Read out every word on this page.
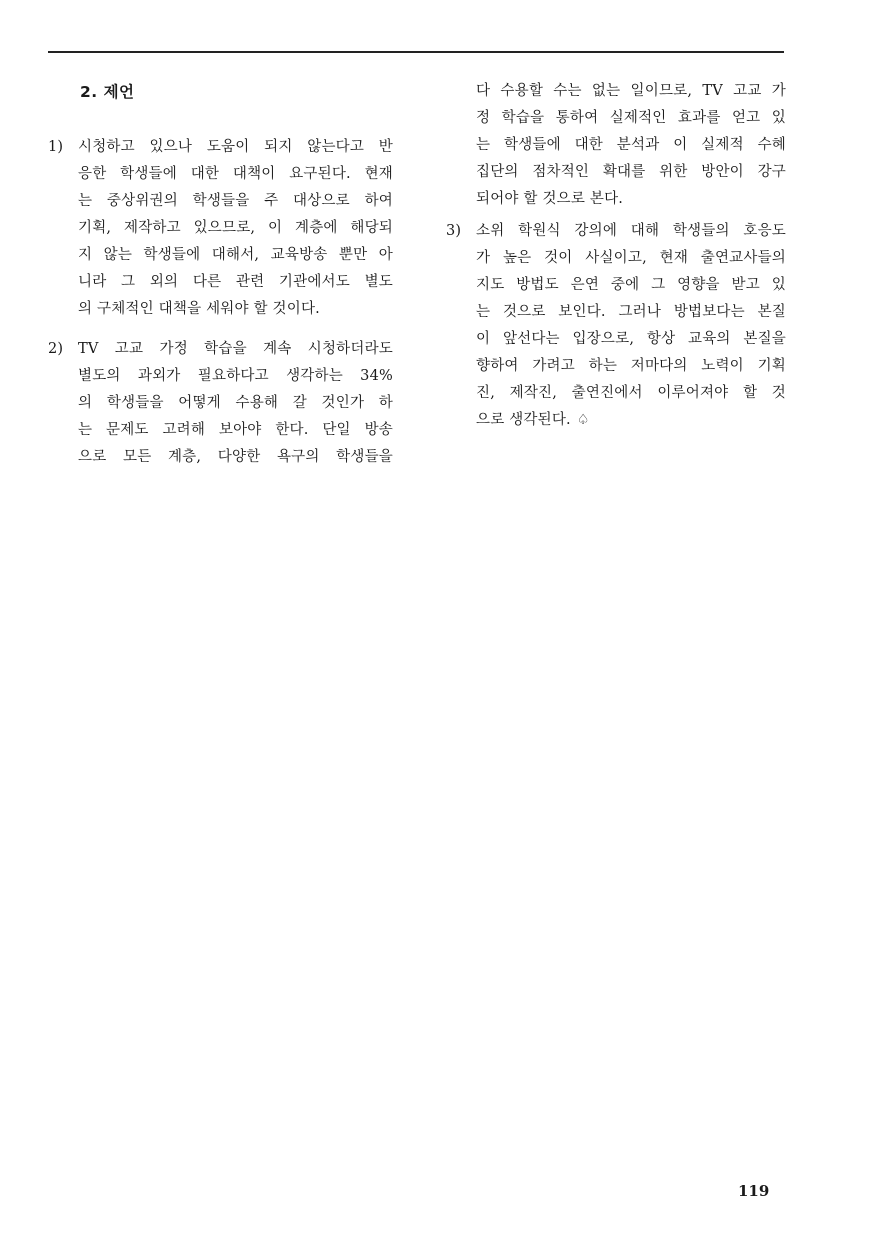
2. 제언
1)	시청하고 있으나 도움이 되지 않는다고 반
응한 학생들에 대한 대책이 요구된다. 현재
는 중상위권의 학생들을 주 대상으로 하여
기획, 제작하고 있으므로, 이 계층에 해당되
지 않는 학생들에 대해서, 교육방송 뿐만 아
니라 그 외의 다른 관련 기관에서도 별도
의 구체적인 대책을 세워야 할 것이다.
2)	TV 고교 가정 학습을 계속 시청하더라도
별도의 과외가 필요하다고 생각하는 34%
의 학생들을 어떻게 수용해 갈 것인가 하
는 문제도 고려해 보아야 한다. 단일 방송
으로 모든 계층, 다양한 욕구의 학생들을
다 수용할 수는 없는 일이므로, TV 고교 가
정 학습을 통하여 실제적인 효과를 얻고 있
는 학생들에 대한 분석과 이 실제적 수혜
집단의 점차적인 확대를 위한 방안이 강구
되어야 할 것으로 본다.
3)	소위 학원식 강의에 대해 학생들의 호응도
가 높은 것이 사실이고, 현재 출연교사들의
지도 방법도 은연 중에 그 영향을 받고 있
는 것으로 보인다. 그러나 방법보다는 본질
이 앞선다는 입장으로, 항상 교육의 본질을
향하여 가려고 하는 저마다의 노력이 기획
진, 제작진, 출연진에서 이루어져야 할 것
으로 생각된다. ♤
119
